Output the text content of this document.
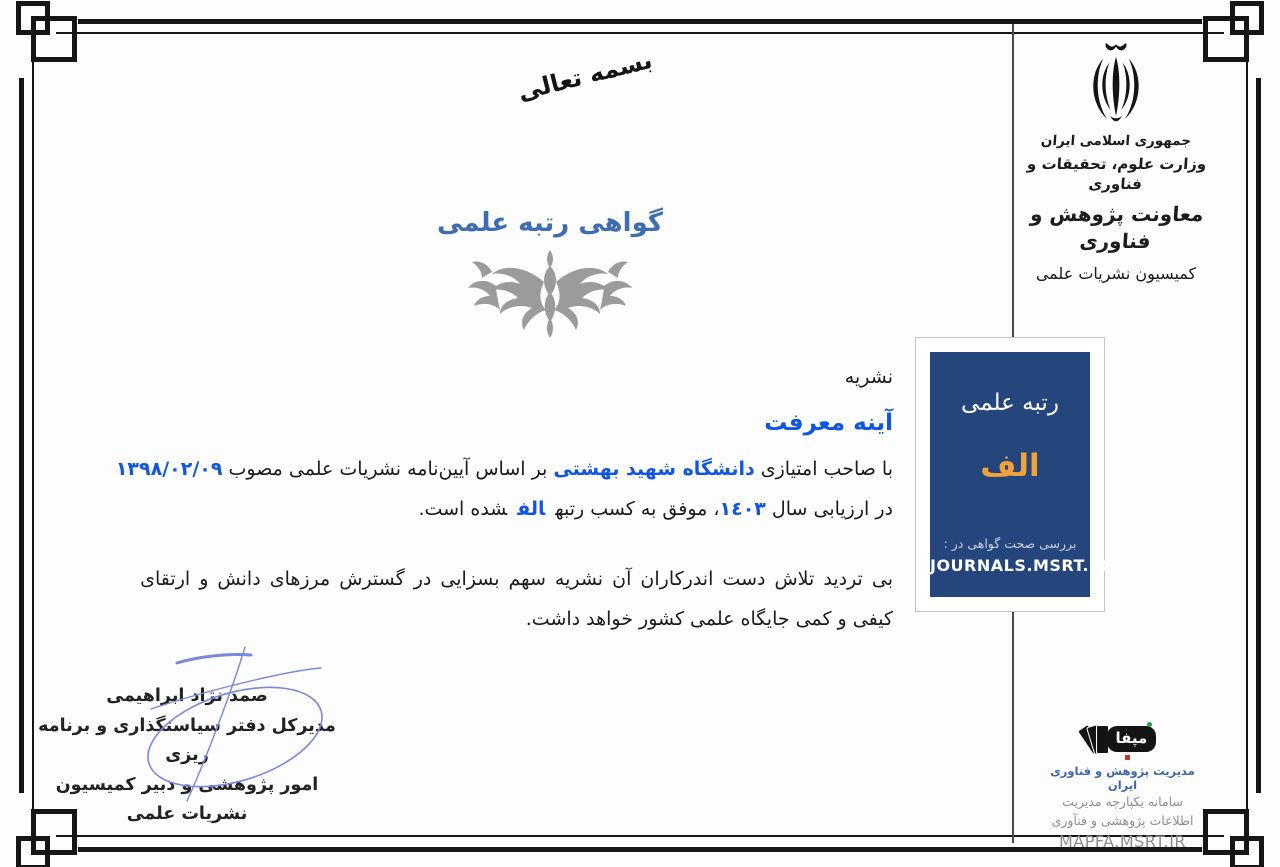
بسمه تعالی
جمهوری اسلامی ایران
وزارت علوم، تحقیقات و فناوری
معاونت پژوهش و فناوری
کمیسیون نشریات علمی
گواهی رتبه علمی
نشریه
آینه معرفت
با صاحب امتیازی دانشگاه شهید بهشتی بر اساس آیین‌نامه نشریات علمی مصوب ١٣٩٨/٠٢/٠٩
در ارزیابی سال ١٤٠٣، موفق به کسب رتبهالفشده است.
بی تردید تلاش دست اندرکاران آن نشریه سهم بسزایی در گسترش مرزهای دانش و ارتقای
کیفی و کمی جایگاه علمی کشور خواهد داشت.
صمد نژاد ابراهیمی
مدیرکل دفتر سیاستگذاری و برنامه ریزی
امور پژوهشی و دبیر کمیسیون
نشریات علمی
رتبه علمی
الف
بررسی صحت گواهی در :
JOURNALS.MSRT.IR
مپفا
مدیریت پژوهش و فناوری ایران
سامانه یکپارچه مدیریت
اطلاعات پژوهشی و فنآوری
MAPFA.MSRT.IR
